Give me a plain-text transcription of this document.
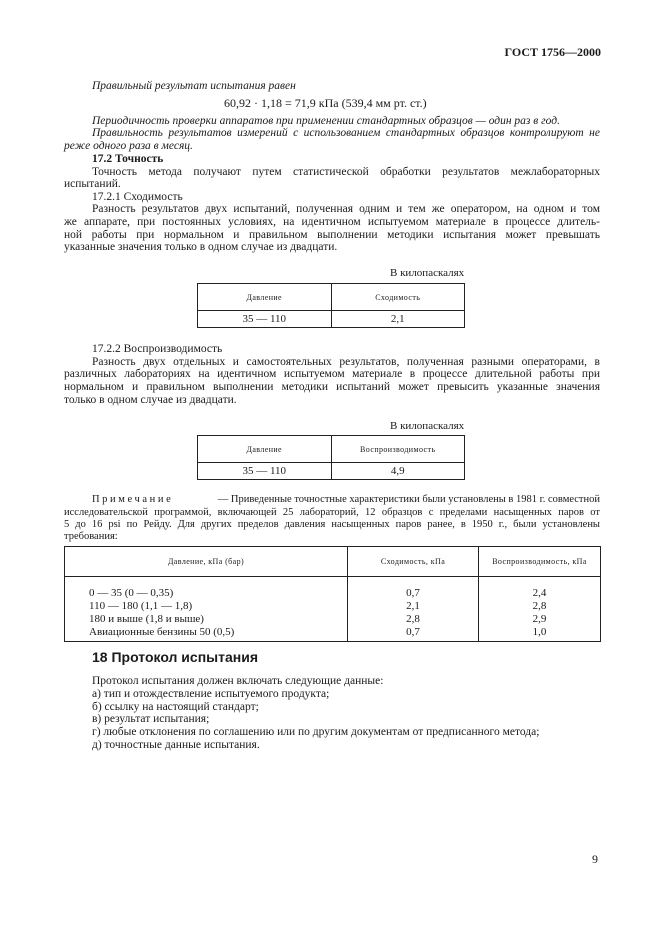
ГОСТ 1756—2000
Правильный результат испытания равен
60,92 · 1,18 = 71,9 кПа (539,4 мм рт. ст.)
Периодичность проверки аппаратов при применении стандартных образцов — один раз в год.
Правильность результатов измерений с использованием стандартных образцов контролируют не
реже одного раза в месяц.
17.2 Точность
Точность метода получают путем статистической обработки результатов межлабораторных
испытаний.
17.2.1 Сходимость
Разность результатов двух испытаний, полученная одним и тем же оператором, на одном и том
же аппарате, при постоянных условиях, на идентичном испытуемом материале в процессе длитель-
ной работы при нормальном и правильном выполнении методики испытания может превышать
указанные значения только в одном случае из двадцати.
В килопаскалях
Давление	Сходимость
35 — 110	2,1
17.2.2 Воспроизводимость
Разность двух отдельных и самостоятельных результатов, полученная разными операторами, в
различных лабораториях на идентичном испытуемом материале в процессе длительной работы при
нормальном и правильном выполнении методики испытаний может превысить указанные значения
только в одном случае из двадцати.
В килопаскалях
Давление	Воспроизводимость
35 — 110	4,9
Примечание	— Приведенные точностные характеристики были установлены в 1981 г. совместной
исследовательской программой, включающей 25 лабораторий, 12 образцов с пределами насыщенных паров от
5 до 16 psi по Рейду. Для других пределов давления насыщенных паров ранее, в 1950 г., были установлены
требования:
Давление, кПа (бар)	Сходимость, кПа	Воспроизводимость, кПа

0 — 35 (0 — 0,35)	0,7	2,4
110 — 180 (1,1 — 1,8)	2,1	2,8
180 и выше (1,8 и выше)	2,8	2,9
Авиационные бензины 50 (0,5)	0,7	1,0
18 Протокол испытания
Протокол испытания должен включать следующие данные:
а) тип и отождествление испытуемого продукта;
б) ссылку на настоящий стандарт;
в) результат испытания;
г) любые отклонения по соглашению или по другим документам от предписанного метода;
д) точностные данные испытания.
9
